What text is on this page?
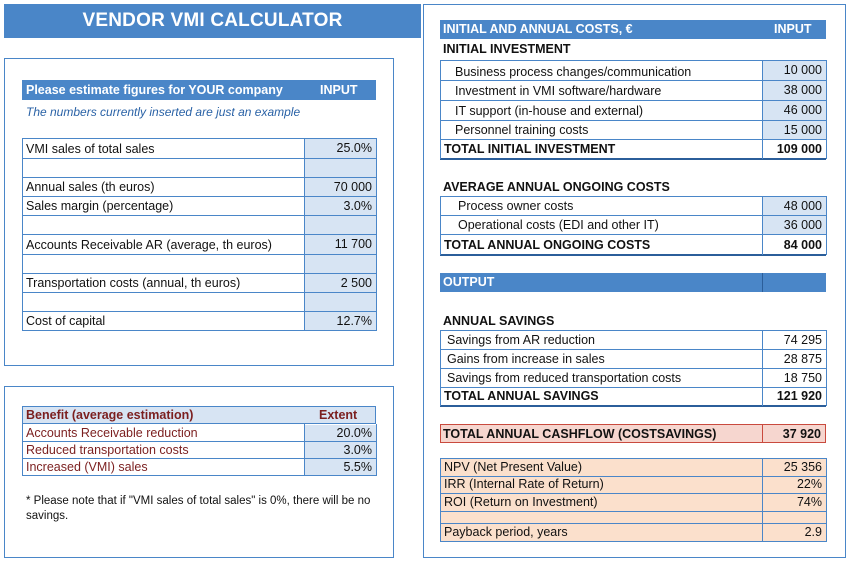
VENDOR VMI CALCULATOR
Please estimate figures for YOUR company	INPUT
The numbers currently inserted are just an example
VMI sales of total sales	25.0%
Annual sales (th euros)	70 000
Sales margin (percentage)	3.0%
Accounts Receivable AR (average, th euros)	11 700
Transportation costs (annual, th euros)	2 500
Cost of capital	12.7%
Benefit (average estimation)	Extent
Accounts Receivable reduction	20.0%
Reduced transportation costs	3.0%
Increased (VMI) sales	5.5%
* Please note that if "VMI sales of total sales" is 0%, there will be no savings.
INITIAL AND ANNUAL COSTS, €	INPUT
INITIAL INVESTMENT
Business process changes/communication	10 000
Investment in VMI software/hardware	38 000
IT support (in-house and external)	46 000
Personnel training costs	15 000
TOTAL INITIAL INVESTMENT	109 000
AVERAGE ANNUAL ONGOING COSTS
Process owner costs	48 000
Operational costs (EDI and other IT)	36 000
TOTAL ANNUAL ONGOING COSTS	84 000
OUTPUT
ANNUAL SAVINGS
Savings from AR reduction	74 295
Gains from increase in sales	28 875
Savings from reduced transportation costs	18 750
TOTAL ANNUAL SAVINGS	121 920
TOTAL ANNUAL CASHFLOW (COSTSAVINGS)	37 920
NPV (Net Present Value)	25 356
IRR (Internal Rate of Return)	22%
ROI (Return on Investment)	74%
Payback period, years	2.9
